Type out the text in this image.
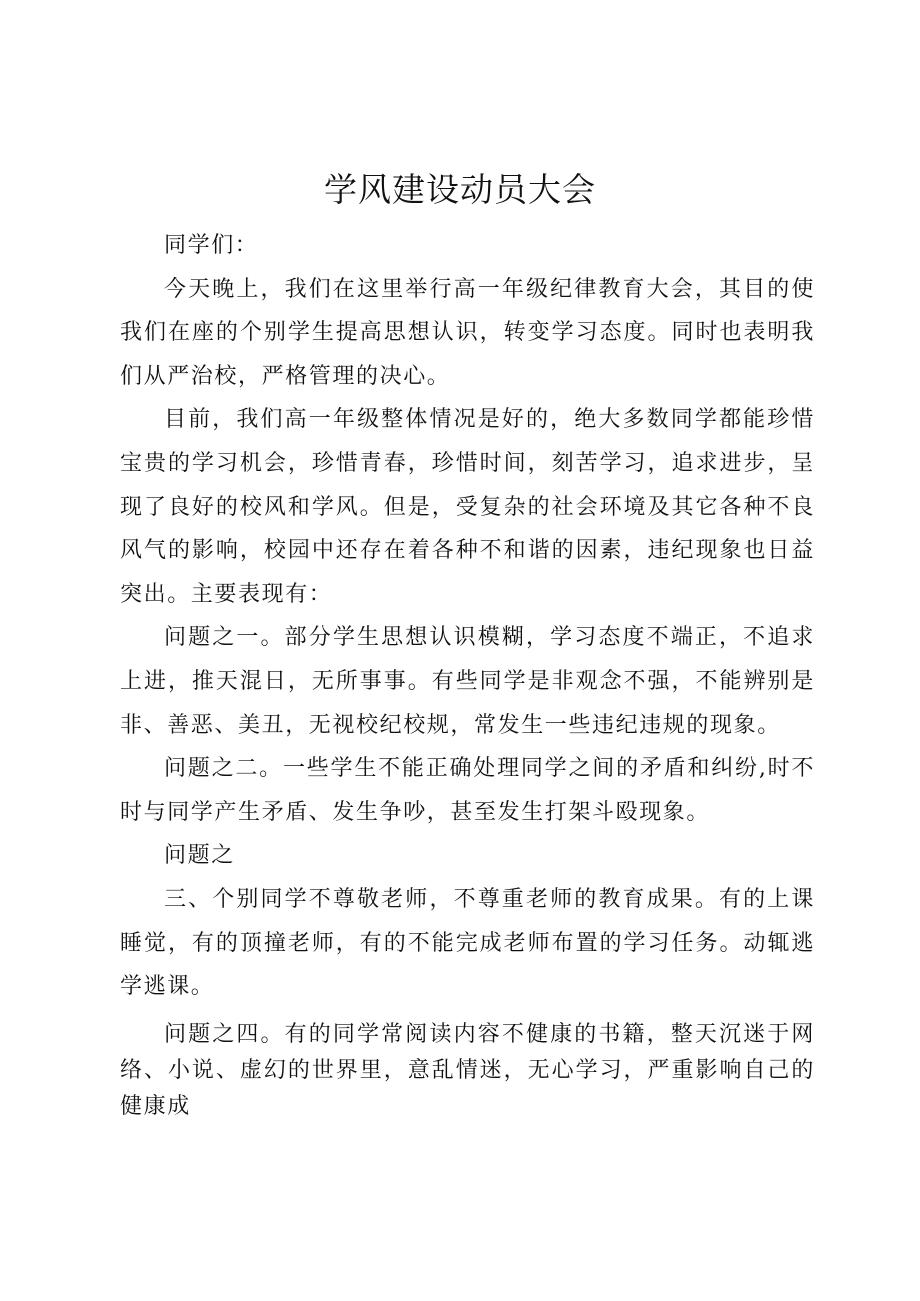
学风建设动员大会

同学们：

今天晚上，我们在这里举行高一年级纪律教育大会，其目的使我们在座的个别学生提高思想认识，转变学习态度。同时也表明我们从严治校，严格管理的决心。

目前，我们高一年级整体情况是好的，绝大多数同学都能珍惜宝贵的学习机会，珍惜青春，珍惜时间，刻苦学习，追求进步，呈现了良好的校风和学风。但是，受复杂的社会环境及其它各种不良风气的影响，校园中还存在着各种不和谐的因素，违纪现象也日益突出。主要表现有：

问题之一。部分学生思想认识模糊，学习态度不端正，不追求上进，推天混日，无所事事。有些同学是非观念不强，不能辨别是非、善恶、美丑，无视校纪校规，常发生一些违纪违规的现象。

问题之二。一些学生不能正确处理同学之间的矛盾和纠纷,时不时与同学产生矛盾、发生争吵，甚至发生打架斗殴现象。

问题之

三、个别同学不尊敬老师，不尊重老师的教育成果。有的上课睡觉，有的顶撞老师，有的不能完成老师布置的学习任务。动辄逃学逃课。

问题之四。有的同学常阅读内容不健康的书籍，整天沉迷于网络、小说、虚幻的世界里，意乱情迷，无心学习，严重影响自己的健康成
